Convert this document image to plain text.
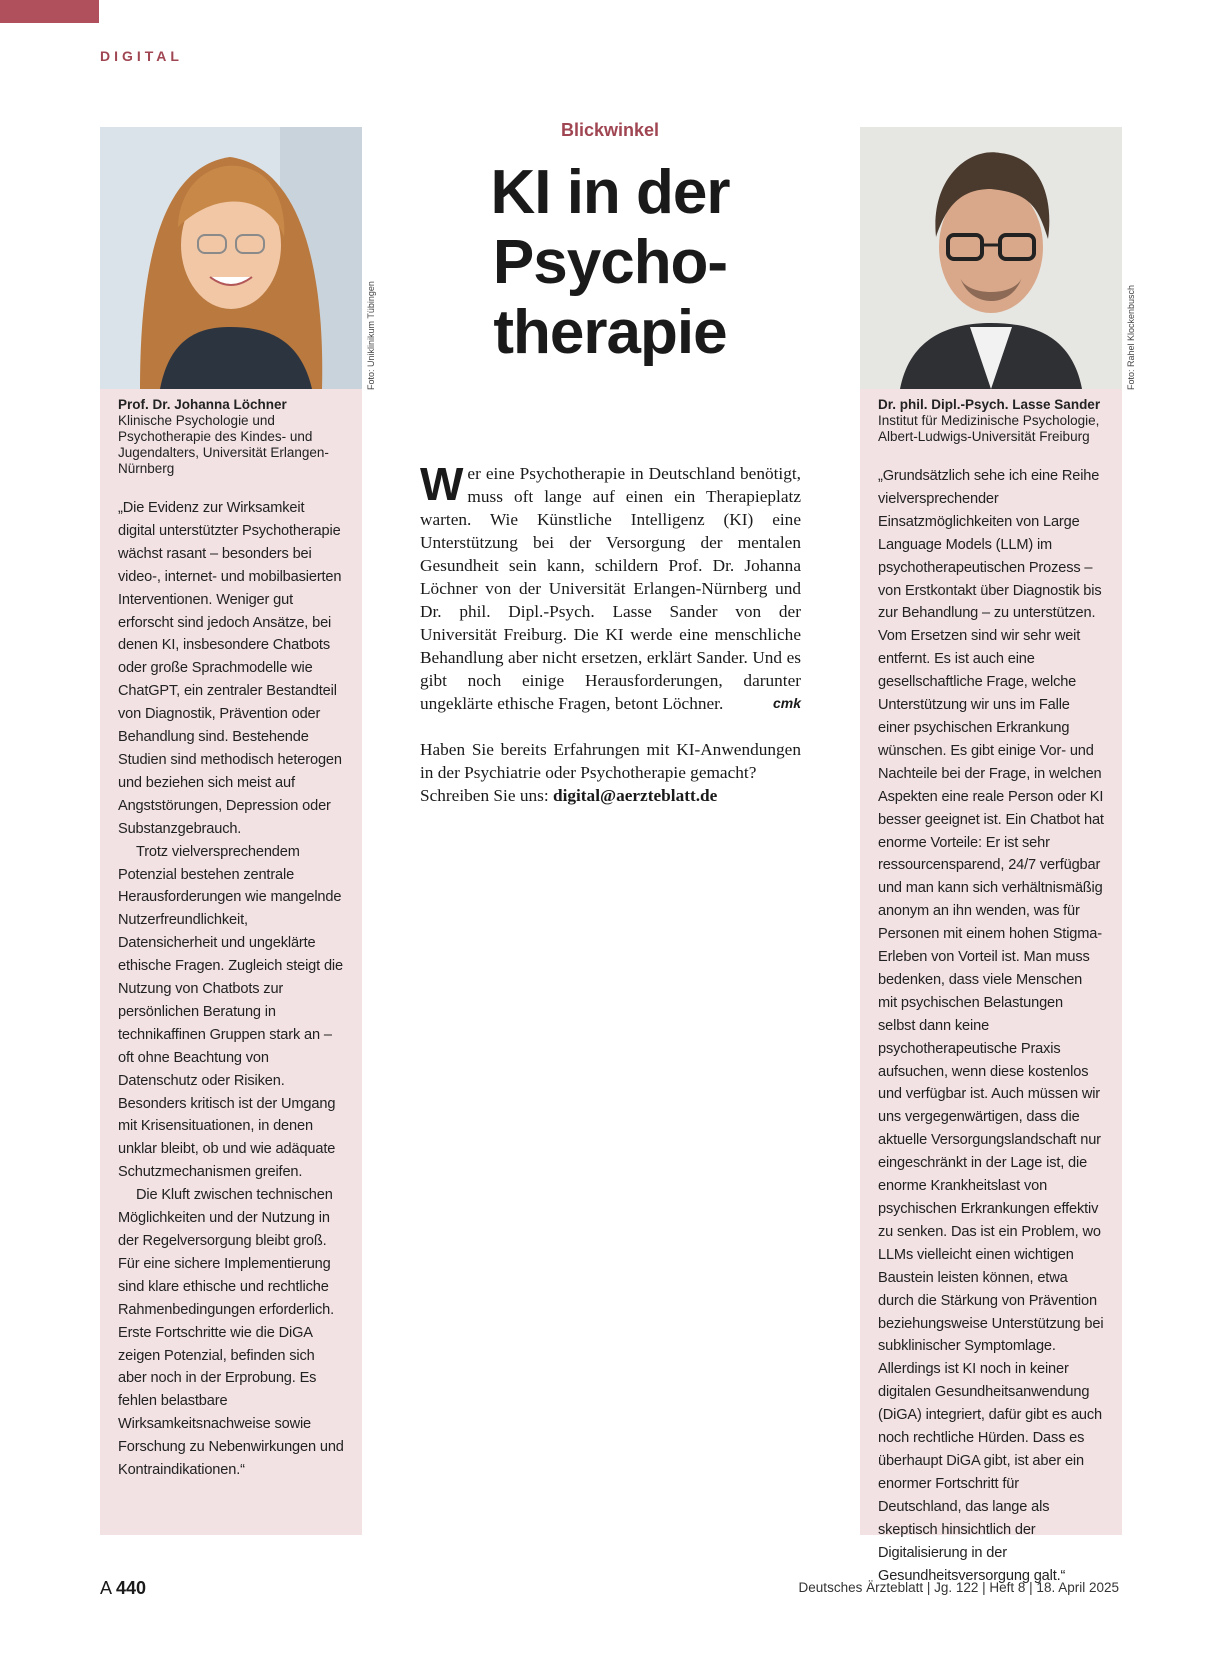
DIGITAL
Prof. Dr. Johanna Löchner
Klinische Psychologie und Psychotherapie des Kindes- und Jugendalters, Universität Erlangen-Nürnberg

„Die Evidenz zur Wirksamkeit digital unterstützter Psychotherapie wächst rasant – besonders bei video-, internet- und mobilbasierten Interventionen. Weniger gut erforscht sind jedoch Ansätze, bei denen KI, insbesondere Chatbots oder große Sprachmodelle wie ChatGPT, ein zentraler Bestandteil von Diagnostik, Prävention oder Behandlung sind. Bestehende Studien sind methodisch heterogen und beziehen sich meist auf Angststörungen, Depression oder Substanzgebrauch.

Trotz vielversprechendem Potenzial bestehen zentrale Herausforderungen wie mangelnde Nutzerfreundlichkeit, Datensicherheit und ungeklärte ethische Fragen. Zugleich steigt die Nutzung von Chatbots zur persönlichen Beratung in technikaffinen Gruppen stark an – oft ohne Beachtung von Datenschutz oder Risiken. Besonders kritisch ist der Umgang mit Krisensituationen, in denen unklar bleibt, ob und wie adäquate Schutzmechanismen greifen.

Die Kluft zwischen technischen Möglichkeiten und der Nutzung in der Regelversorgung bleibt groß. Für eine sichere Implementierung sind klare ethische und rechtliche Rahmenbedingungen erforderlich. Erste Fortschritte wie die DiGA zeigen Potenzial, befinden sich aber noch in der Erprobung. Es fehlen belastbare Wirksamkeitsnachweise sowie Forschung zu Nebenwirkungen und Kontraindikationen.“

Foto: Uniklinikum Tübingen
Blickwinkel
KI in der
Psycho-
therapie

Wer eine Psychotherapie in Deutschland benötigt, muss oft lange auf einen ein Therapieplatz warten. Wie Künstliche Intelligenz (KI) eine Unterstützung bei der Versorgung der mentalen Gesundheit sein kann, schildern Prof. Dr. Johanna Löchner von der Universität Erlangen-Nürnberg und Dr. phil. Dipl.-Psych. Lasse Sander von der Universität Freiburg. Die KI werde eine menschliche Behandlung aber nicht ersetzen, erklärt Sander. Und es gibt noch einige Herausforderungen, darunter ungeklärte ethische Fragen, betont Löchner.	cmk

Haben Sie bereits Erfahrungen mit KI-Anwendungen in der Psychiatrie oder Psychotherapie gemacht?

Schreiben Sie uns: digital@aerzteblatt.de

Dr. phil. Dipl.-Psych. Lasse Sander
Institut für Medizinische Psychologie, Albert-Ludwigs-Universität Freiburg

„Grundsätzlich sehe ich eine Reihe vielversprechender Einsatzmöglichkeiten von Large Language Models (LLM) im psychotherapeutischen Prozess – von Erstkontakt über Diagnostik bis zur Behandlung – zu unterstützen. Vom Ersetzen sind wir sehr weit entfernt. Es ist auch eine gesellschaftliche Frage, welche Unterstützung wir uns im Falle einer psychischen Erkrankung wünschen. Es gibt einige Vor- und Nachteile bei der Frage, in welchen Aspekten eine reale Person oder KI besser geeignet ist. Ein Chatbot hat enorme Vorteile: Er ist sehr ressourcensparend, 24/7 verfügbar und man kann sich verhältnismäßig anonym an ihn wenden, was für Personen mit einem hohen Stigma-Erleben von Vorteil ist. Man muss bedenken, dass viele Menschen mit psychischen Belastungen selbst dann keine psychotherapeutische Praxis aufsuchen, wenn diese kostenlos und verfügbar ist. Auch müssen wir uns vergegenwärtigen, dass die aktuelle Versorgungslandschaft nur eingeschränkt in der Lage ist, die enorme Krankheitslast von psychischen Erkrankungen effektiv zu senken. Das ist ein Problem, wo LLMs vielleicht einen wichtigen Baustein leisten können, etwa durch die Stärkung von Prävention beziehungsweise Unterstützung bei subklinischer Symptomlage. Allerdings ist KI noch in keiner digitalen Gesundheitsanwendung (DiGA) integriert, dafür gibt es auch noch rechtliche Hürden. Dass es überhaupt DiGA gibt, ist aber ein enormer Fortschritt für Deutschland, das lange als skeptisch hinsichtlich der Digitalisierung in der Gesundheitsversorgung galt.“

Foto: Rahel Klockenbusch
A 440	Deutsches Ärzteblatt | Jg. 122 | Heft 8 | 18. April 2025
